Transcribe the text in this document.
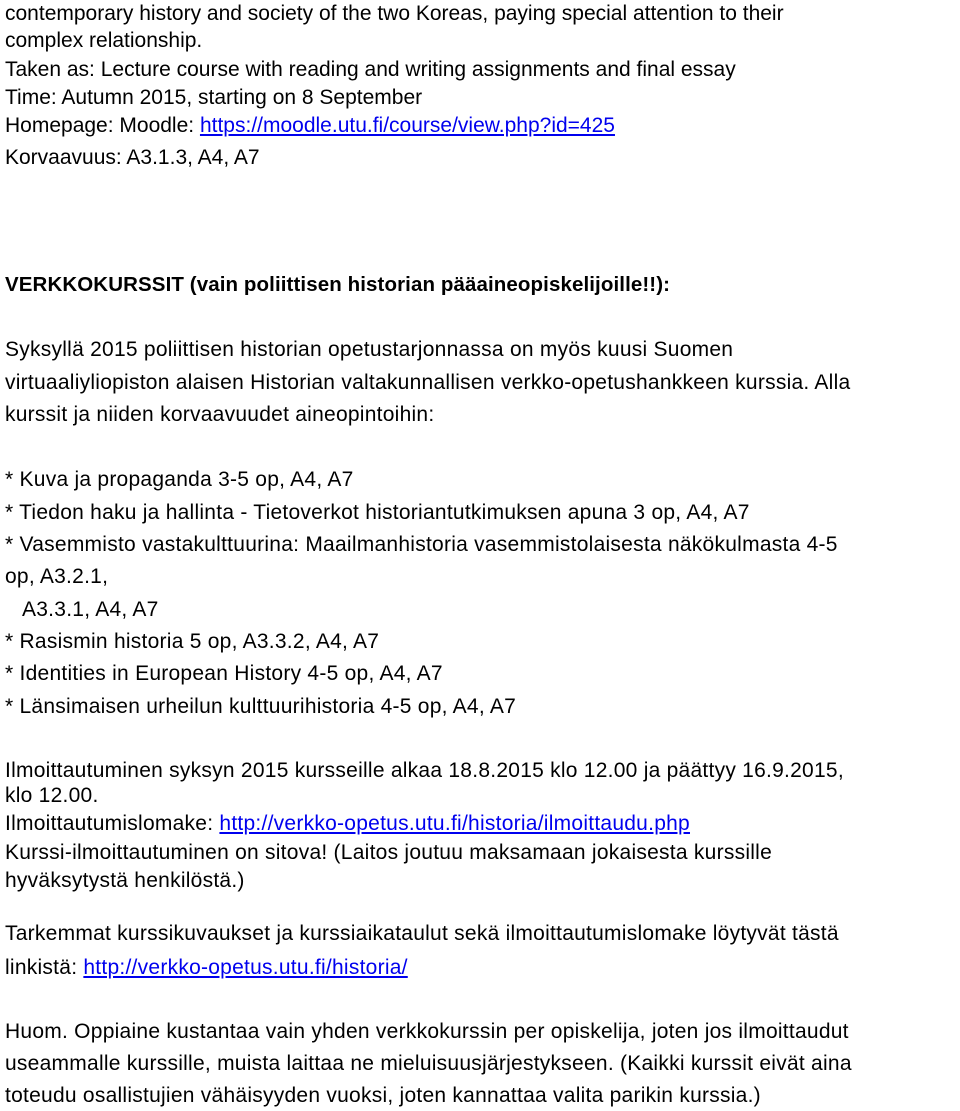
contemporary history and society of the two Koreas, paying special attention to their
complex relationship.
Taken as: Lecture course with reading and writing assignments and final essay
Time: Autumn 2015, starting on 8 September
Homepage: Moodle: https://moodle.utu.fi/course/view.php?id=425
Korvaavuus: A3.1.3, A4, A7
VERKKOKURSSIT (vain poliittisen historian pääaineopiskelijoille!!):
Syksyllä 2015 poliittisen historian opetustarjonnassa on myös kuusi Suomen
virtuaaliyliopiston alaisen Historian valtakunnallisen verkko-opetushankkeen kurssia. Alla
kurssit ja niiden korvaavuudet aineopintoihin:
* Kuva ja propaganda 3-5 op, A4, A7
* Tiedon haku ja hallinta - Tietoverkot historiantutkimuksen apuna 3 op, A4, A7
* Vasemmisto vastakulttuurina: Maailmanhistoria vasemmistolaisesta näkökulmasta 4-5
op, A3.2.1,
A3.3.1, A4, A7
* Rasismin historia 5 op, A3.3.2, A4, A7
* Identities in European History 4-5 op, A4, A7
* Länsimaisen urheilun kulttuurihistoria 4-5 op, A4, A7
Ilmoittautuminen syksyn 2015 kursseille alkaa 18.8.2015 klo 12.00 ja päättyy 16.9.2015,
klo 12.00.
Ilmoittautumislomake: http://verkko-opetus.utu.fi/historia/ilmoittaudu.php
Kurssi-ilmoittautuminen on sitova! (Laitos joutuu maksamaan jokaisesta kurssille
hyväksytystä henkilöstä.)
Tarkemmat kurssikuvaukset ja kurssiaikataulut sekä ilmoittautumislomake löytyvät tästä
linkistä: http://verkko-opetus.utu.fi/historia/
Huom. Oppiaine kustantaa vain yhden verkkokurssin per opiskelija, joten jos ilmoittaudut
useammalle kurssille, muista laittaa ne mieluisuusjärjestykseen. (Kaikki kurssit eivät aina
toteudu osallistujien vähäisyyden vuoksi, joten kannattaa valita parikin kurssia.)
